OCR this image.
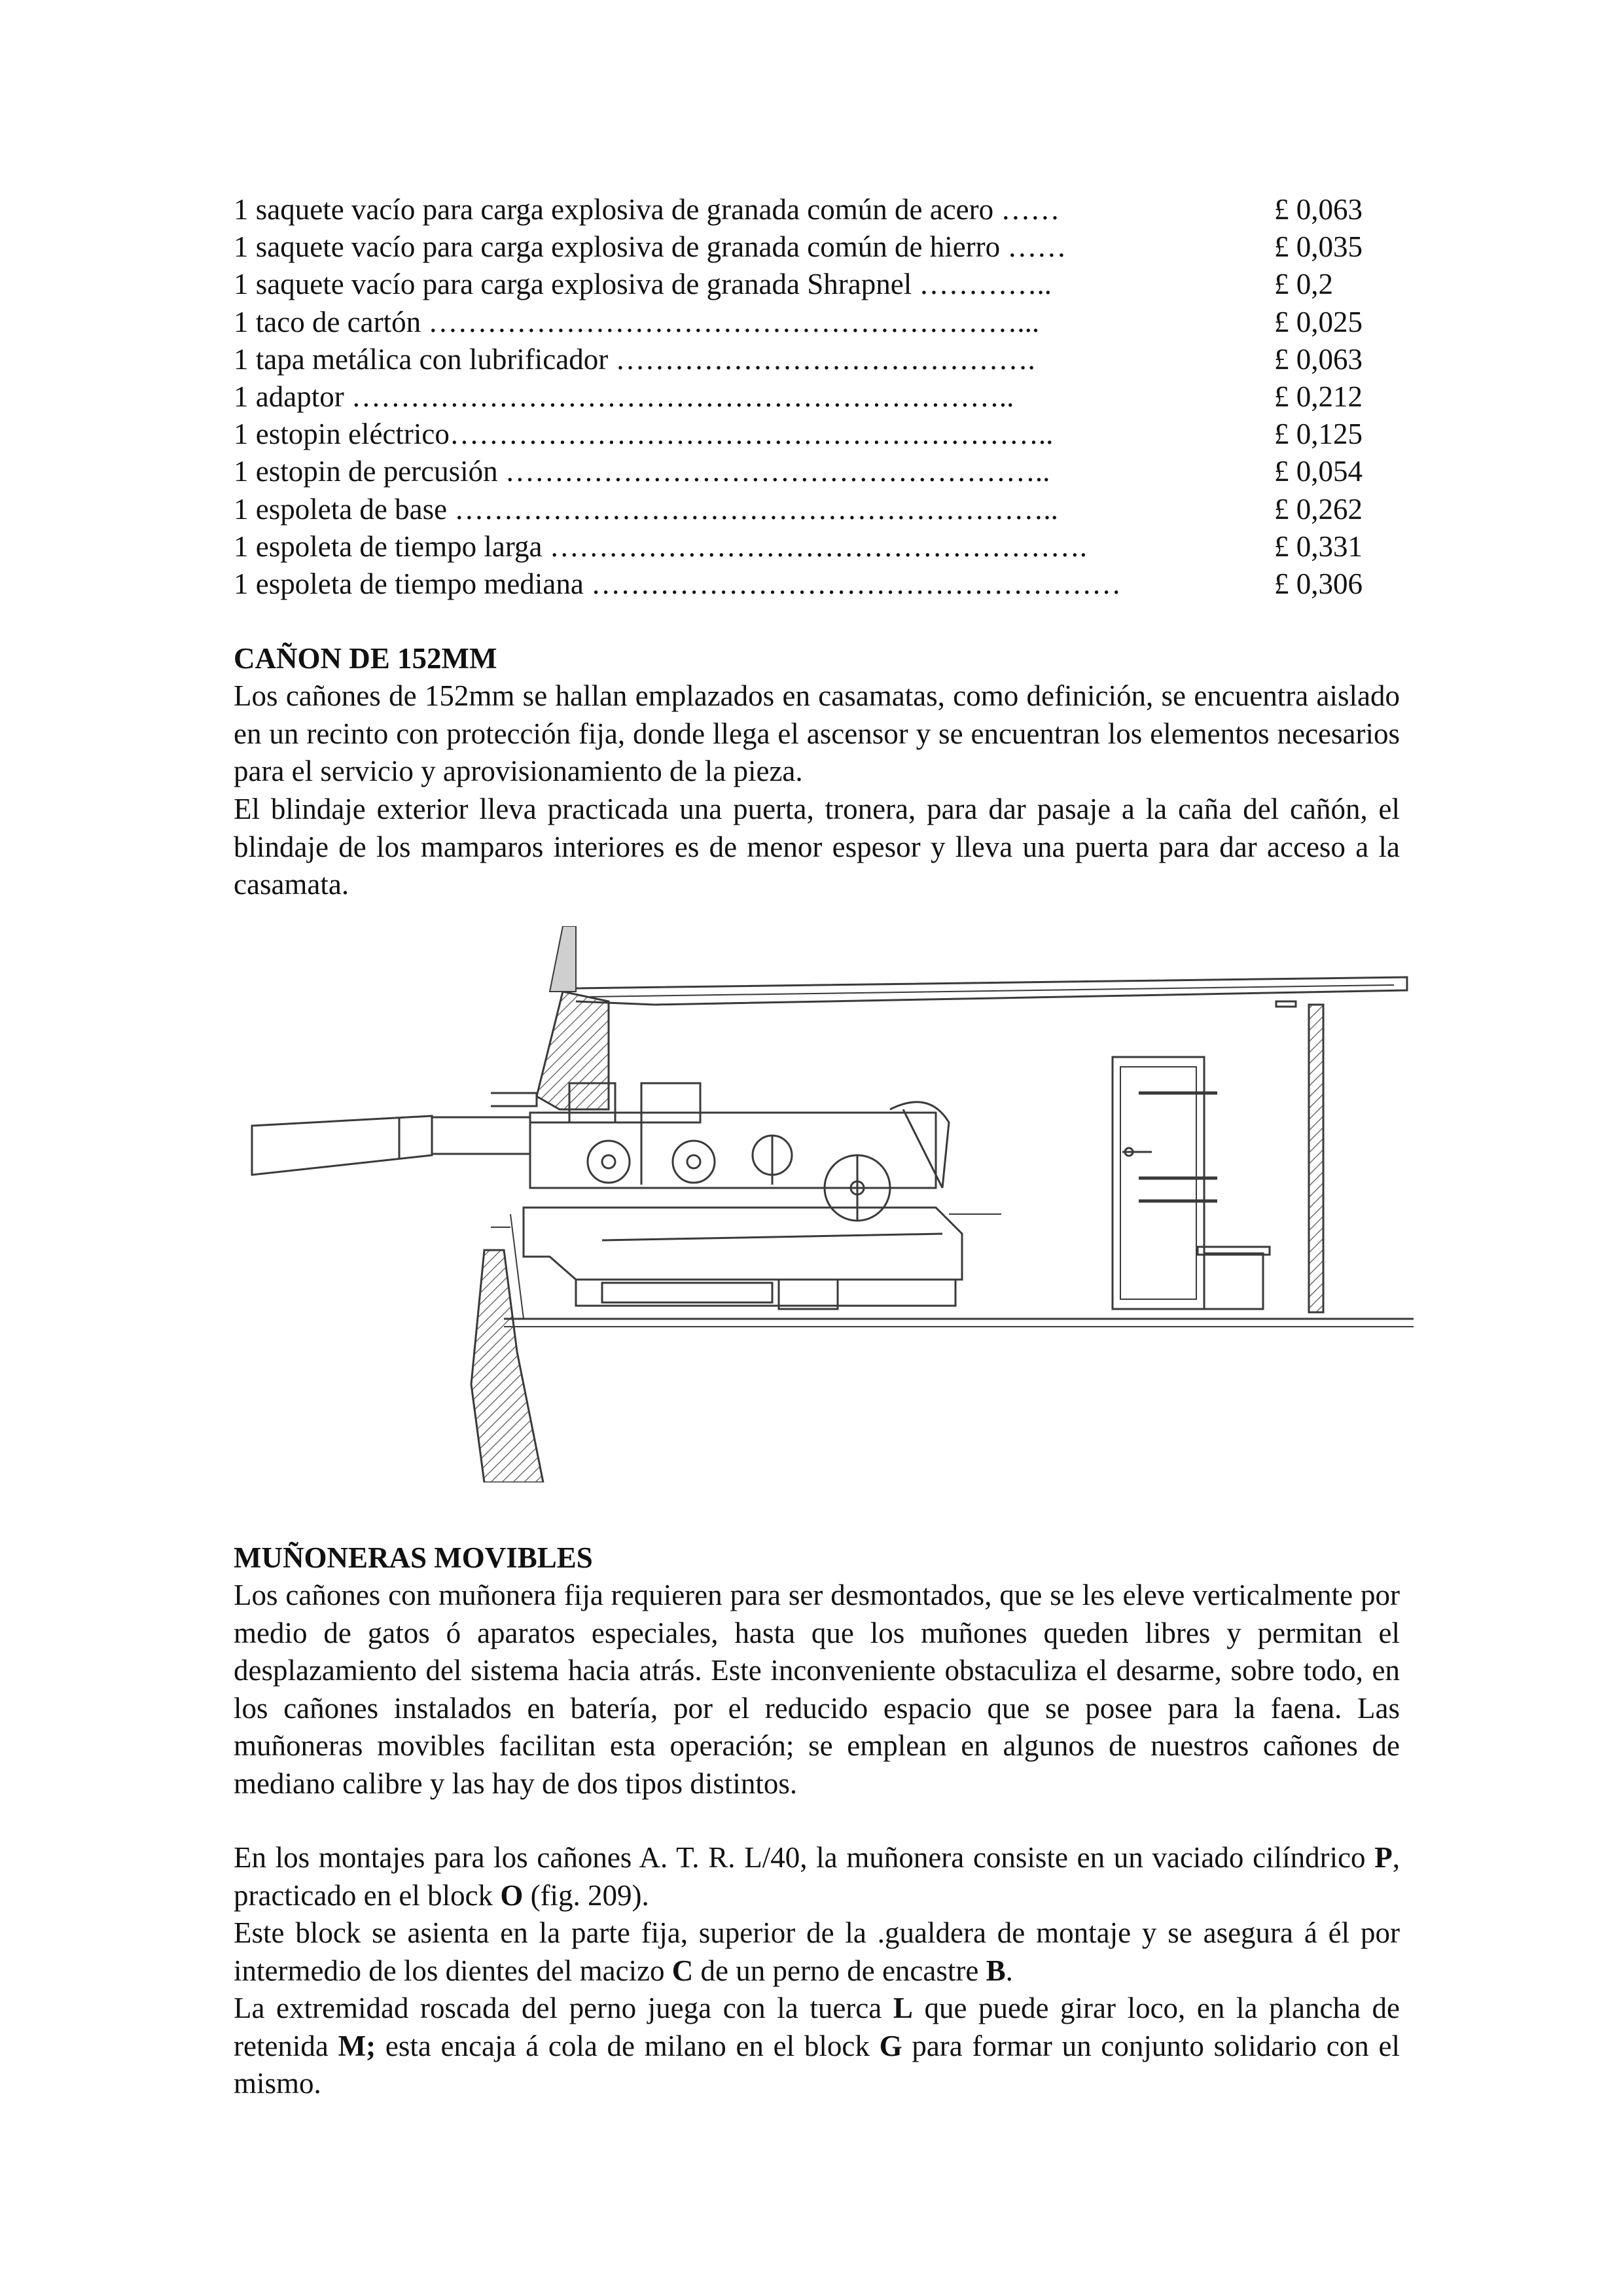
1 saquete vacío para carga explosiva de granada común de acero ……	£ 0,063
1 saquete vacío para carga explosiva de granada común de hierro ……	£ 0,035
1 saquete vacío para carga explosiva de granada Shrapnel …………..	£ 0,2
1 taco de cartón ……………………………………………………...	£ 0,025
1 tapa metálica con lubrificador …………………………………….	£ 0,063
1 adaptor …………………………………………………………..	£ 0,212
1 estopin eléctrico……………………………………………………..	£ 0,125
1 estopin de percusión ………………………………………………..	£ 0,054
1 espoleta de base ……………………………………………………..	£ 0,262
1 espoleta de tiempo larga ……………………………………………….	£ 0,331
1 espoleta de tiempo mediana ………………………………………………	£ 0,306
CAÑON DE 152MM

Los cañones de 152mm se hallan emplazados en casamatas, como definición, se encuentra aislado en un recinto con protección fija, donde llega el ascensor y se encuentran los elementos necesarios para el servicio y aprovisionamiento de la pieza.

El blindaje exterior lleva practicada una puerta, tronera, para dar pasaje a la caña del cañón, el blindaje de los mamparos interiores es de menor espesor y lleva una puerta para dar acceso a la casamata.

MUÑONERAS MOVIBLES

Los cañones con muñonera fija requieren para ser desmontados, que se les eleve verticalmente por medio de gatos ó aparatos especiales, hasta que los muñones queden libres y permitan el desplazamiento del sistema hacia atrás. Este inconveniente obstaculiza el desarme, sobre todo, en los cañones instalados en batería, por el reducido espacio que se posee para la faena. Las muñoneras movibles facilitan esta operación; se emplean en algunos de nuestros cañones de mediano calibre y las hay de dos tipos distintos.

En los montajes para los cañones A. T. R. L/40, la muñonera consiste en un vaciado cilíndrico P, practicado en el block O (fig. 209).

Este block se asienta en la parte fija, superior de la .gualdera de montaje y se asegura á él por intermedio de los dientes del macizo C de un perno de encastre B.

La extremidad roscada del perno juega con la tuerca L que puede girar loco, en la plancha de retenida M; esta encaja á cola de milano en el block G para formar un conjunto solidario con el mismo.
